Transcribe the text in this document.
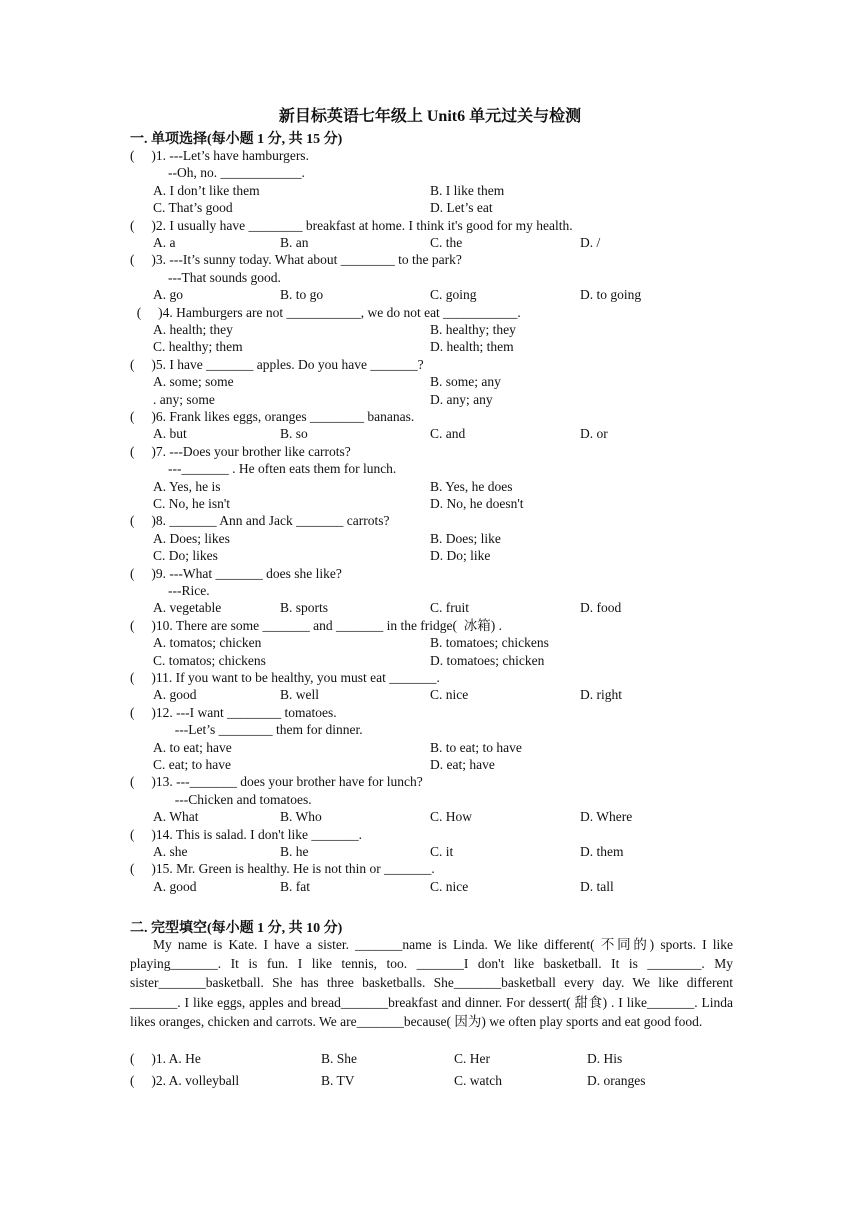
新目标英语七年级上 Unit6 单元过关与检测
一. 单项选择(每小题 1 分, 共 15 分)
(     )1. ---Let’s have hamburgers.
--Oh, no. ____________.
A. I don’t like them	B. I like them
C. That’s good	D. Let’s eat
(     )2. I usually have ________ breakfast at home. I think it's good for my health.
A. a	B. an	C. the	D. /
(     )3. ---It’s sunny today. What about ________ to the park?
---That sounds good.
A. go	B. to go	C. going	D. to going
(     )4. Hamburgers are not ___________, we do not eat ___________.
A. health; they	B. healthy; they
C. healthy; them	D. health; them
(     )5. I have _______ apples. Do you have _______?
A. some; some	B. some; any
. any; some	D. any; any
(     )6. Frank likes eggs, oranges ________ bananas.
A. but	B. so	C. and	D. or
(     )7. ---Does your brother like carrots?
---_______ . He often eats them for lunch.
A. Yes, he is	B. Yes, he does
C. No, he isn't	D. No, he doesn't
(     )8. _______ Ann and Jack _______ carrots?
A. Does; likes	B. Does; like
C. Do; likes	D. Do; like
(     )9. ---What _______ does she like?
---Rice.
A. vegetable	B. sports	C. fruit	D. food
(     )10. There are some _______ and _______ in the fridge(  冰箱) .
A. tomatos; chicken	B. tomatoes; chickens
C. tomatos; chickens	D. tomatoes; chicken
(     )11. If you want to be healthy, you must eat _______.
A. good	B. well	C. nice	D. right
(     )12. ---I want ________ tomatoes.
---Let’s ________ them for dinner.
A. to eat; have	B. to eat; to have
C. eat; to have	D. eat; have
(     )13. ---_______ does your brother have for lunch?
---Chicken and tomatoes.
A. What	B. Who	C. How	D. Where
(     )14. This is salad. I don't like _______.
A. she	B. he	C. it	D. them
(     )15. Mr. Green is healthy. He is not thin or _______.
A. good	B. fat	C. nice	D. tall
二. 完型填空(每小题 1 分, 共 10 分)
My name is Kate. I have a sister. _______name is Linda. We like different( 不同的) sports. I like playing_______. It is fun. I like tennis, too. _______I don't like basketball. It is ________. My sister_______basketball. She has three basketballs. She_______basketball every day. We like different _______. I like eggs, apples and bread_______breakfast and dinner. For dessert( 甜食) . I like_______. Linda likes oranges, chicken and carrots. We are_______because( 因为) we often play sports and eat good food.
(     )1. A. He	B. She	C. Her	D. His
(     )2. A. volleyball	B. TV	C. watch	D. oranges
